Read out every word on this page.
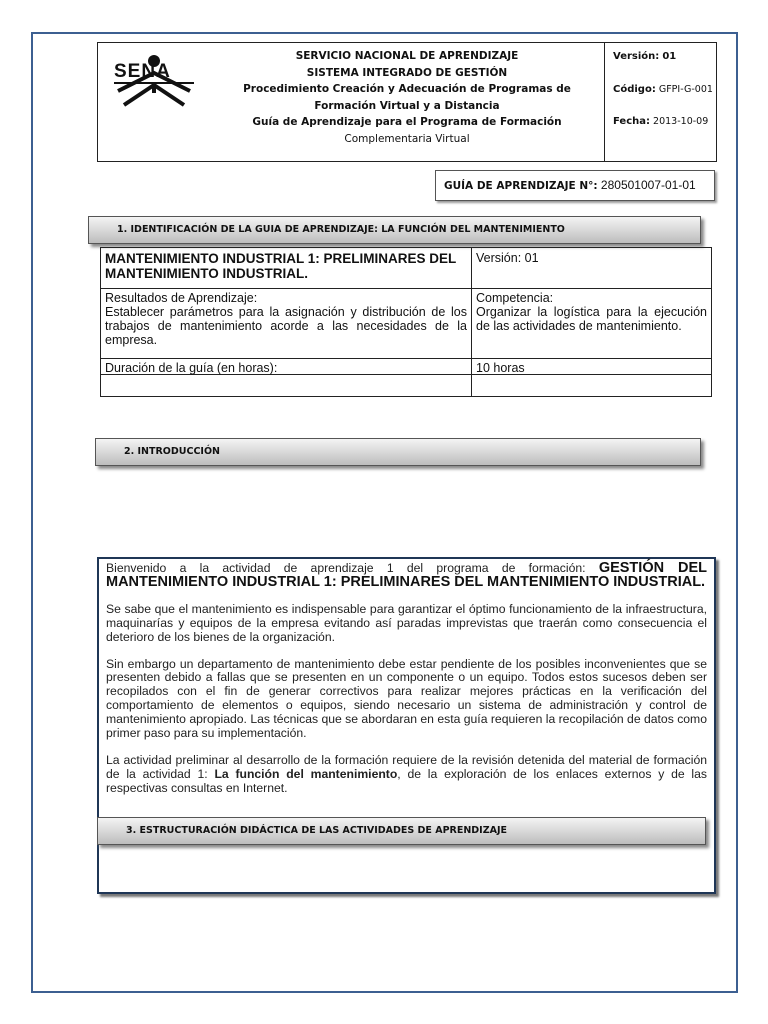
SENA
SERVICIO NACIONAL DE APRENDIZAJE
SISTEMA INTEGRADO DE GESTIÓN
Procedimiento Creación y Adecuación de Programas de
Formación Virtual y a Distancia
Guía de Aprendizaje para el Programa de Formación
Complementaria Virtual
Versión: 01
Código: GFPI-G-001
Fecha: 2013-10-09
GUÍA DE APRENDIZAJE N°: 280501007-01-01
1. IDENTIFICACIÓN DE LA GUIA DE APRENDIZAJE: LA FUNCIÓN DEL MANTENIMIENTO
MANTENIMIENTO INDUSTRIAL 1: PRELIMINARES DEL MANTENIMIENTO INDUSTRIAL.
Versión: 01
Resultados de Aprendizaje:
Establecer parámetros para la asignación y distribución de los trabajos de mantenimiento acorde a las necesidades de la empresa.
Competencia:
Organizar la logística para la ejecución de las actividades de mantenimiento.
Duración de la guía (en horas):	10 horas
2. INTRODUCCIÓN

Bienvenido a la actividad de aprendizaje 1 del programa de formación: GESTIÓN DEL MANTENIMIENTO INDUSTRIAL 1: PRELIMINARES DEL MANTENIMIENTO INDUSTRIAL.

Se sabe que el mantenimiento es indispensable para garantizar el óptimo funcionamiento de la infraestructura, maquinarías y equipos de la empresa evitando así paradas imprevistas que traerán como consecuencia el deterioro de los bienes de la organización.

Sin embargo un departamento de mantenimiento debe estar pendiente de los posibles inconvenientes que se presenten debido a fallas que se presenten en un componente o un equipo. Todos estos sucesos deben ser recopilados con el fin de generar correctivos para realizar mejores prácticas en la verificación del comportamiento de elementos o equipos, siendo necesario un sistema de administración y control de mantenimiento apropiado. Las técnicas que se abordaran en esta guía requieren la recopilación de datos como primer paso para su implementación.

La actividad preliminar al desarrollo de la formación requiere de la revisión detenida del material de formación de la actividad 1: La función del mantenimiento, de la exploración de los enlaces externos y de las respectivas consultas en Internet.

3. ESTRUCTURACIÓN DIDÁCTICA DE LAS ACTIVIDADES DE APRENDIZAJE
